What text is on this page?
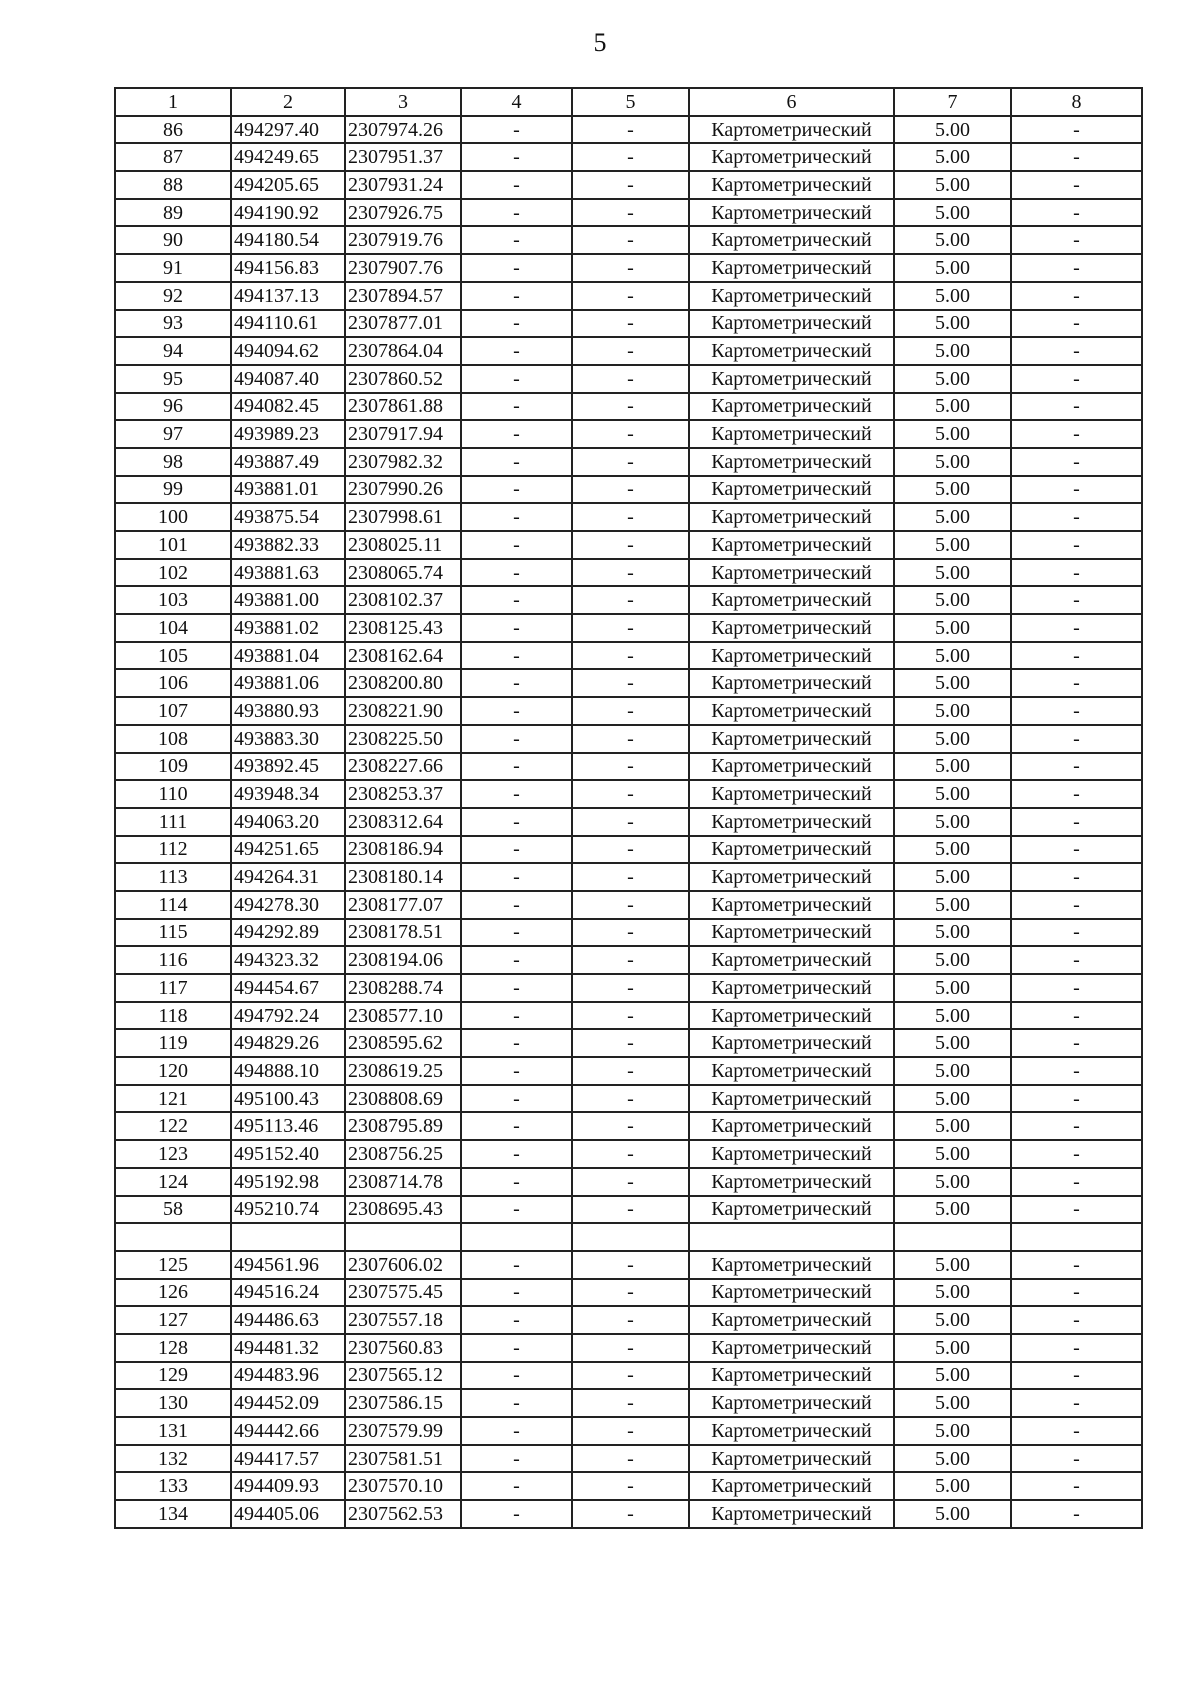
5
1	2	3	4	5	6	7	8
86	494297.40	2307974.26	-	-	Картометрический	5.00	-
87	494249.65	2307951.37	-	-	Картометрический	5.00	-
88	494205.65	2307931.24	-	-	Картометрический	5.00	-
89	494190.92	2307926.75	-	-	Картометрический	5.00	-
90	494180.54	2307919.76	-	-	Картометрический	5.00	-
91	494156.83	2307907.76	-	-	Картометрический	5.00	-
92	494137.13	2307894.57	-	-	Картометрический	5.00	-
93	494110.61	2307877.01	-	-	Картометрический	5.00	-
94	494094.62	2307864.04	-	-	Картометрический	5.00	-
95	494087.40	2307860.52	-	-	Картометрический	5.00	-
96	494082.45	2307861.88	-	-	Картометрический	5.00	-
97	493989.23	2307917.94	-	-	Картометрический	5.00	-
98	493887.49	2307982.32	-	-	Картометрический	5.00	-
99	493881.01	2307990.26	-	-	Картометрический	5.00	-
100	493875.54	2307998.61	-	-	Картометрический	5.00	-
101	493882.33	2308025.11	-	-	Картометрический	5.00	-
102	493881.63	2308065.74	-	-	Картометрический	5.00	-
103	493881.00	2308102.37	-	-	Картометрический	5.00	-
104	493881.02	2308125.43	-	-	Картометрический	5.00	-
105	493881.04	2308162.64	-	-	Картометрический	5.00	-
106	493881.06	2308200.80	-	-	Картометрический	5.00	-
107	493880.93	2308221.90	-	-	Картометрический	5.00	-
108	493883.30	2308225.50	-	-	Картометрический	5.00	-
109	493892.45	2308227.66	-	-	Картометрический	5.00	-
110	493948.34	2308253.37	-	-	Картометрический	5.00	-
111	494063.20	2308312.64	-	-	Картометрический	5.00	-
112	494251.65	2308186.94	-	-	Картометрический	5.00	-
113	494264.31	2308180.14	-	-	Картометрический	5.00	-
114	494278.30	2308177.07	-	-	Картометрический	5.00	-
115	494292.89	2308178.51	-	-	Картометрический	5.00	-
116	494323.32	2308194.06	-	-	Картометрический	5.00	-
117	494454.67	2308288.74	-	-	Картометрический	5.00	-
118	494792.24	2308577.10	-	-	Картометрический	5.00	-
119	494829.26	2308595.62	-	-	Картометрический	5.00	-
120	494888.10	2308619.25	-	-	Картометрический	5.00	-
121	495100.43	2308808.69	-	-	Картометрический	5.00	-
122	495113.46	2308795.89	-	-	Картометрический	5.00	-
123	495152.40	2308756.25	-	-	Картометрический	5.00	-
124	495192.98	2308714.78	-	-	Картометрический	5.00	-
58	495210.74	2308695.43	-	-	Картометрический	5.00	-

125	494561.96	2307606.02	-	-	Картометрический	5.00	-
126	494516.24	2307575.45	-	-	Картометрический	5.00	-
127	494486.63	2307557.18	-	-	Картометрический	5.00	-
128	494481.32	2307560.83	-	-	Картометрический	5.00	-
129	494483.96	2307565.12	-	-	Картометрический	5.00	-
130	494452.09	2307586.15	-	-	Картометрический	5.00	-
131	494442.66	2307579.99	-	-	Картометрический	5.00	-
132	494417.57	2307581.51	-	-	Картометрический	5.00	-
133	494409.93	2307570.10	-	-	Картометрический	5.00	-
134	494405.06	2307562.53	-	-	Картометрический	5.00	-
